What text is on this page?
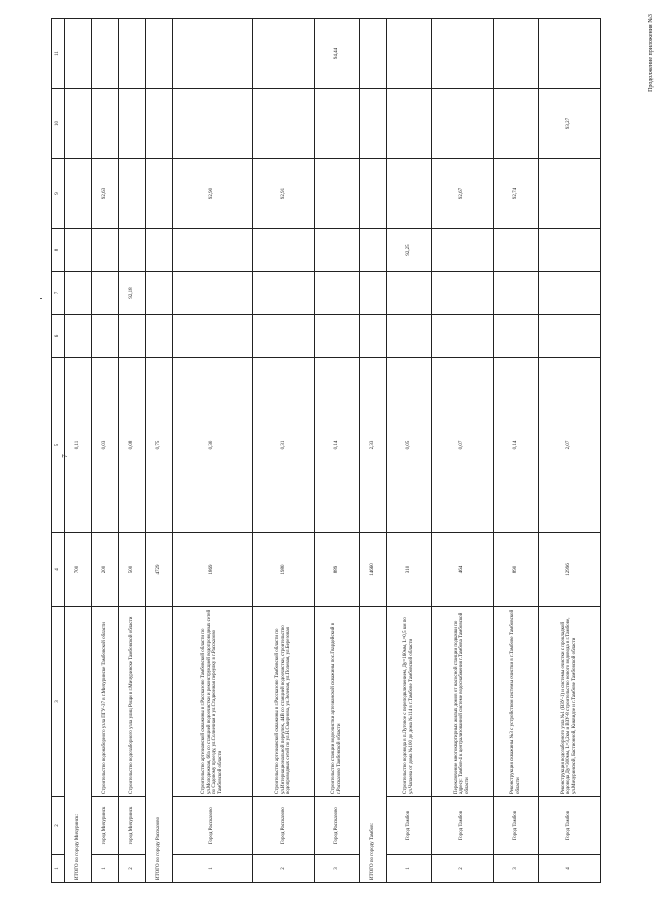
7
Продолжение приложения №3
1	2	3	4	5	6	7	8	9	10	11
ИТОГО по городу Мичуринск:			700	0,11						
1	город Мичуринск	Строительство водонаборного узла ПГУ-37 в г.Мичуринске Тамбовской области	200	0,03				92,63		
2	город Мичуринск	Строительство водозаборного узла улиц Рощи в г.Мичуринске Тамбовской области	500	0,08		92,18				
ИТОГО по городу Рассказово			4729	0,75						
1	Город Рассказово	Строительство артезианской скважины в г.Рассказово Тамбовской области по ул.Молодежная, 60а со станцией водоочистки и реконструкцией водопроводных сетей по Садовому проезду, ул.Солнечная и ул.Стадионная переулку в г.Рассказово Тамбовской области	1869	0,30				92,90		
2	Город Рассказово	Строительство артезианской скважины в г.Рассказово Тамбовской области по ул.Интернациональной переулок, 44В со станцией водоочистки, строительство водопроводных сетей по ул.Н.Смирнова, ул.Зеленая, ул.Полевая, ул.Березовая	1980	0,31				92,91		
3	Город Рассказово	Строительство станции водоочистки артезианской скважины пос.Гвардейский в г.Рассказово Тамбовской области	889	0,14						94,44
ИТОГО по городу Тамбов:			14660	2,33						
1	Город Тамбов	Строительство водовода в п.Луговое с переподключением, Ду=160мм, L=0,5 км по ул.Чапаева от дома №100 до дома №114 в г.Тамбове Тамбовской области	310	0,05			92,25			
2	Город Тамбов	Переключение многоквартирных жилых домов от насосной станции подкачки по адресу: Тамбов-4 к централизованной системе водоснабжения г.Тамбова Тамбовской области	464	0,07				92,67		
3	Город Тамбов	Реконструкция скважины №3 с устройством системы очистки в г.Тамбове Тамбовской области	890	0,14				92,74		
4	Город Тамбов	Реконструкция водозаборного узла №1 (ВЗУ-1) и системы очистки с прокладкой водовода Ду=300мм, L=3,2км и ВЗУ-8 строительство нового водовода в г.Тамбове, ул.Мичуринской, Бастионной, Киквидзе и г.Тамбове Тамбовской области	12996	2,07					93,27	
